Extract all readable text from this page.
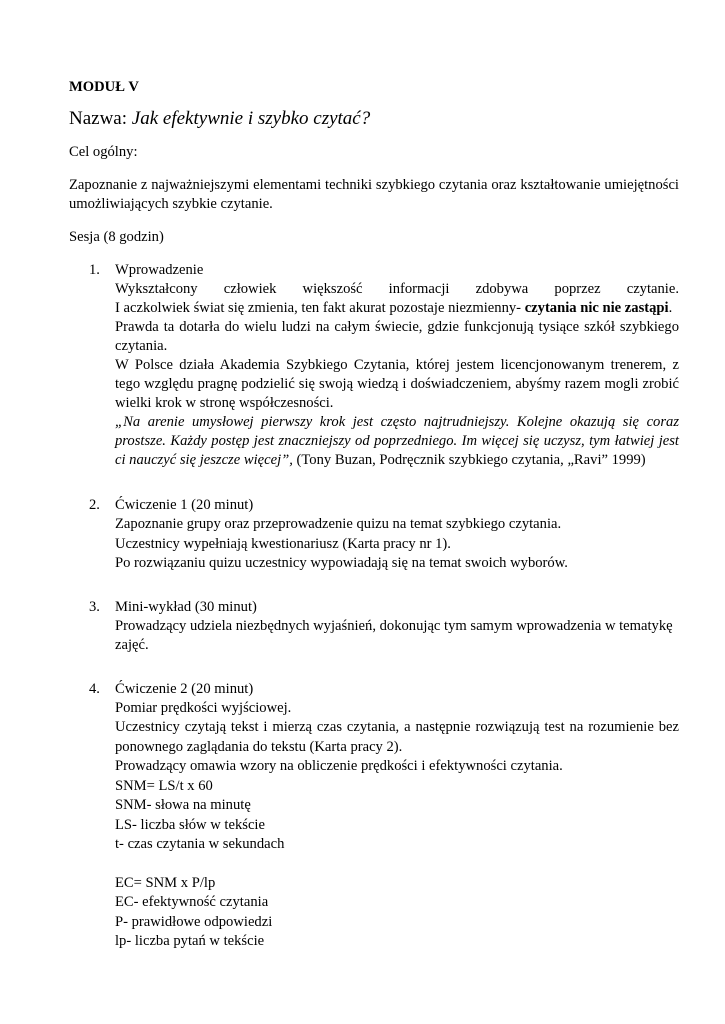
MODUŁ V

Nazwa: Jak efektywnie i szybko czytać?

Cel ogólny:

Zapoznanie z najważniejszymi elementami techniki szybkiego czytania oraz kształtowanie umiejętności umożliwiających szybkie czytanie.

Sesja (8 godzin)

1.	Wprowadzenie

Wykształcony człowiek większość informacji zdobywa poprzez czytanie.

I aczkolwiek świat się zmienia, ten fakt akurat pozostaje niezmienny- czytania nic nie zastąpi.

Prawda ta dotarła do wielu ludzi na całym świecie, gdzie funkcjonują tysiące szkół szybkiego czytania.

W Polsce działa Akademia Szybkiego Czytania, której jestem licencjonowanym trenerem, z tego względu pragnę podzielić się swoją wiedzą i doświadczeniem, abyśmy razem mogli zrobić wielki krok w stronę współczesności.

„Na arenie umysłowej pierwszy krok jest często najtrudniejszy. Kolejne okazują się coraz prostsze. Każdy postęp jest znaczniejszy od poprzedniego. Im więcej się uczysz, tym łatwiej jest ci nauczyć się jeszcze więcej”, (Tony Buzan, Podręcznik szybkiego czytania, „Ravi” 1999)

2.	Ćwiczenie 1 (20 minut)

Zapoznanie grupy oraz przeprowadzenie quizu na temat szybkiego czytania.

Uczestnicy wypełniają kwestionariusz (Karta pracy nr 1).

Po rozwiązaniu quizu uczestnicy wypowiadają się na temat swoich wyborów.

3.	Mini-wykład (30 minut)

Prowadzący udziela niezbędnych wyjaśnień, dokonując tym samym wprowadzenia w tematykę zajęć.

4.	Ćwiczenie 2 (20 minut)

Pomiar prędkości wyjściowej.

Uczestnicy czytają tekst i mierzą czas czytania, a następnie rozwiązują test na rozumienie bez ponownego zaglądania do tekstu (Karta pracy 2).

Prowadzący omawia wzory na obliczenie prędkości i efektywności czytania.

SNM= LS/t x 60

SNM- słowa na minutę

LS- liczba słów w tekście

t- czas czytania w sekundach

EC= SNM x P/lp

EC- efektywność czytania

P- prawidłowe odpowiedzi

lp- liczba pytań w tekście
